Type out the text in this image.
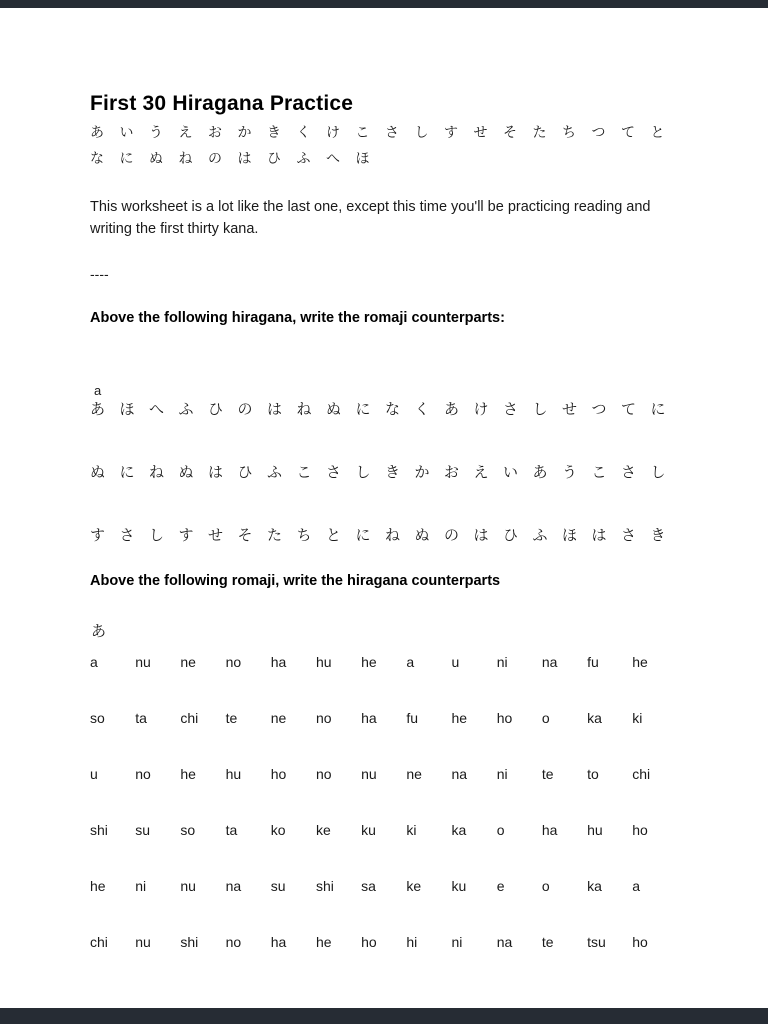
First 30 Hiragana Practice
あ い う え お か き く け こ さ し す せ そ た ち つ て と
な に ぬ ね の は ひ ふ へ ほ

This worksheet is a lot like the last one, except this time you'll be practicing reading and writing the first thirty kana.

----

Above the following hiragana, write the romaji counterparts:
a
あ ほ へ ふ ひ の は ね ぬ に な く あ け さ し せ つ て に
ぬ に ね ぬ は ひ ふ こ さ し き か お え い あ う こ さ し
す さ し す せ そ た ち と に ね ぬ の は ひ ふ ほ は さ き
Above the following romaji, write the hiragana counterparts
あ
a	nu ne no ha hu he a	u	ni na fu he
so ta chi te ne no ha fu he ho o	ka ki
u	no he hu ho no nu ne na ni te to chi
shi su so ta ko ke ku ki	ka o	ha hu ho
he ni nu na su shi sa ke ku e	o	ka a
chi nu shi no ha he ho hi ni na te tsu ho
